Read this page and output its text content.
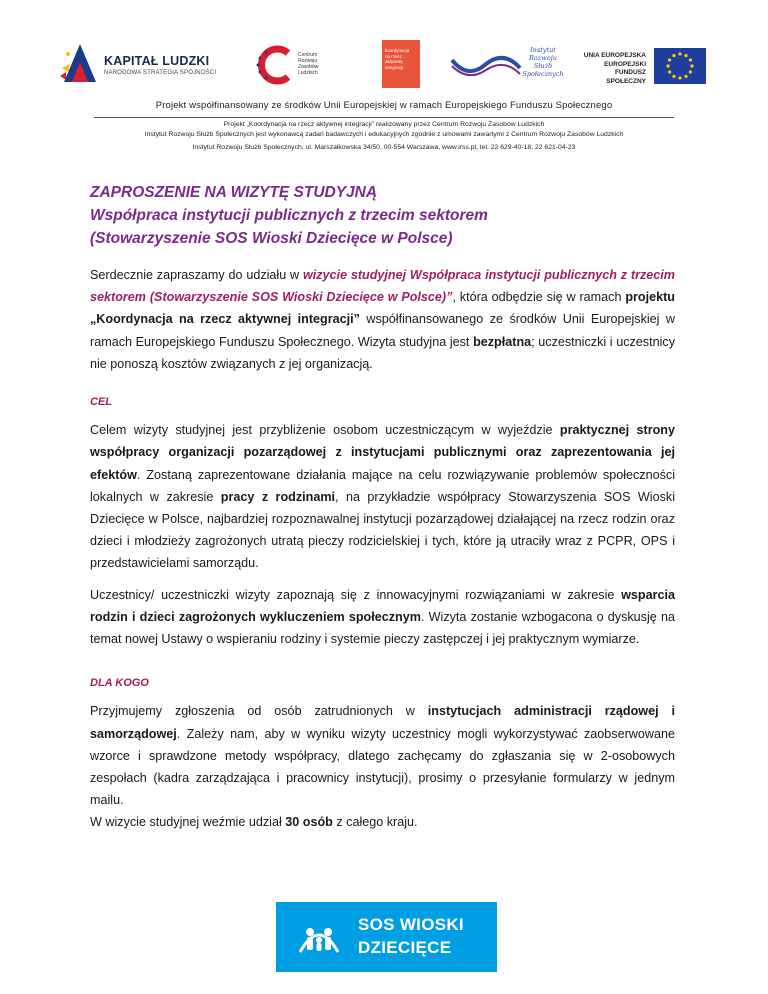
KAPITAŁ LUDZKI
NARODOWA STRATEGIA SPÓJNOŚCI
Centrum
Rozwoju
Zasobów
Ludzkich
koordynacja
na rzecz
aktywnej
integracji
Instytut
Rozwoju
Służb
Społecznych
UNIA EUROPEJSKA
EUROPEJSKI
FUNDUSZ SPOŁECZNY
Projekt współfinansowany ze środków Unii Europejskiej w ramach Europejskiego Funduszu Społecznego
Projekt „Koordynacja na rzecz aktywnej integracji” realizowany przez Centrum Rozwoju Zasobów Ludzkich
Instytut Rozwoju Służb Społecznych jest wykonawcą zadań badawczych i edukacyjnych zgodnie z umowami zawartymi z Centrum Rozwoju Zasobów Ludzkich
Instytut Rozwoju Służb Społecznych, ul. Marszałkowska 34/50, 00-554 Warszawa, www.irss.pl, tel. 22 629-40-18, 22 621-04-23
ZAPROSZENIE NA WIZYTĘ STUDYJNĄ
Współpraca instytucji publicznych z trzecim sektorem
(Stowarzyszenie SOS Wioski Dziecięce w Polsce)

Serdecznie zapraszamy do udziału w wizycie studyjnej Współpraca instytucji publicznych z trzecim sektorem (Stowarzyszenie SOS Wioski Dziecięce w Polsce)”, która odbędzie się w ramach projektu „Koordynacja na rzecz aktywnej integracji” współfinansowanego ze środków Unii Europejskiej w ramach Europejskiego Funduszu Społecznego. Wizyta studyjna jest bezpłatna; uczestniczki i uczestnicy nie ponoszą kosztów związanych z jej organizacją.

CEL

Celem wizyty studyjnej jest przybliżenie osobom uczestniczącym w wyjeździe praktycznej strony współpracy organizacji pozarządowej z instytucjami publicznymi oraz zaprezentowania jej efektów. Zostaną zaprezentowane działania mające na celu rozwiązywanie problemów społeczności lokalnych w zakresie pracy z rodzinami, na przykładzie współpracy Stowarzyszenia SOS Wioski Dziecięce w Polsce, najbardziej rozpoznawalnej instytucji pozarządowej działającej na rzecz rodzin oraz dzieci i młodzieży zagrożonych utratą pieczy rodzicielskiej i tych, które ją utraciły wraz z PCPR, OPS i przedstawicielami samorządu.

Uczestnicy/ uczestniczki wizyty zapoznają się z innowacyjnymi rozwiązaniami w zakresie wsparcia rodzin i dzieci zagrożonych wykluczeniem społecznym. Wizyta zostanie wzbogacona o dyskusję na temat nowej Ustawy o wspieraniu rodziny i systemie pieczy zastępczej i jej praktycznym wymiarze.

DLA KOGO

Przyjmujemy zgłoszenia od osób zatrudnionych w instytucjach administracji rządowej i samorządowej. Zależy nam, aby w wyniku wizyty uczestnicy mogli wykorzystywać zaobserwowane wzorce i sprawdzone metody współpracy, dlatego zachęcamy do zgłaszania się w 2-osobowych zespołach (kadra zarządzająca i pracownicy instytucji), prosimy o przesyłanie formularzy w jednym mailu.
W wizycie studyjnej weźmie udział 30 osób z całego kraju.

SOS WIOSKI
DZIECIĘCE
